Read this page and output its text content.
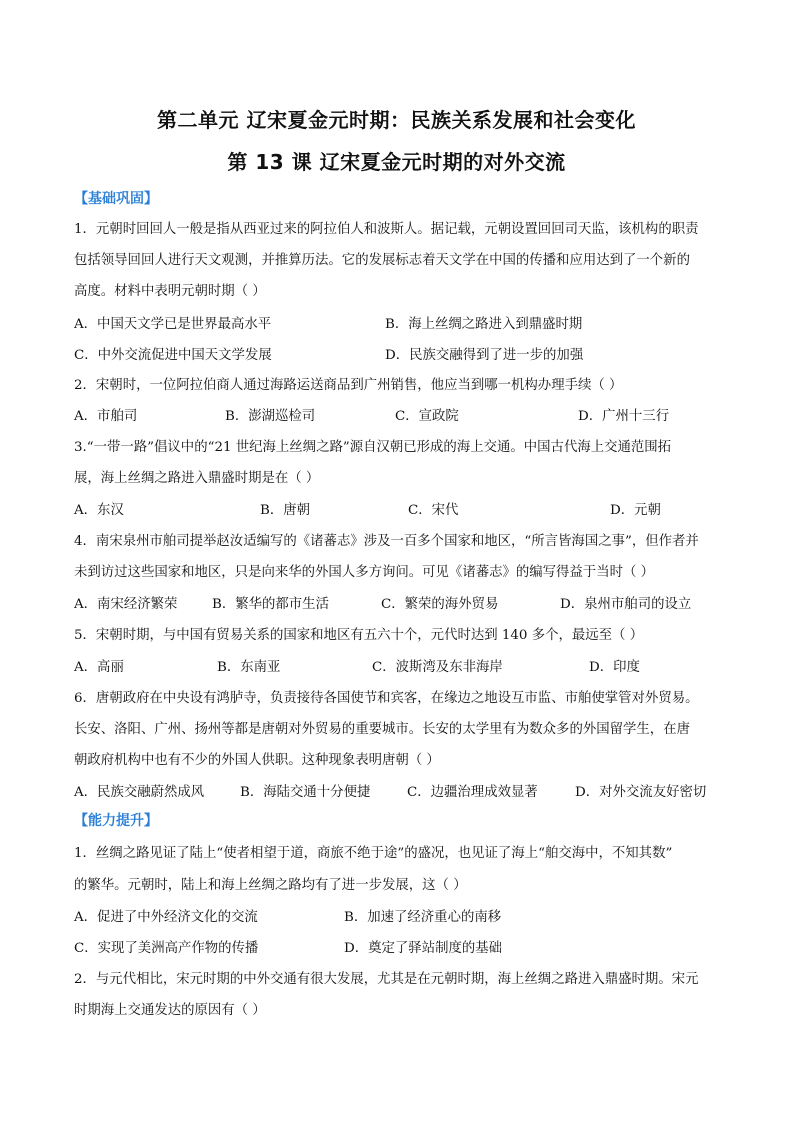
第二单元 辽宋夏金元时期：民族关系发展和社会变化
第 13 课 辽宋夏金元时期的对外交流
【基础巩固】
1．元朝时回回人一般是指从西亚过来的阿拉伯人和波斯人。据记载，元朝设置回回司天监，该机构的职责
包括领导回回人进行天文观测，并推算历法。它的发展标志着天文学在中国的传播和应用达到了一个新的
高度。材料中表明元朝时期（ ）
A．中国天文学已是世界最高水平	B．海上丝绸之路进入到鼎盛时期
C．中外交流促进中国天文学发展	D．民族交融得到了进一步的加强
2．宋朝时，一位阿拉伯商人通过海路运送商品到广州销售，他应当到哪一机构办理手续（ ）
A．市舶司	B．澎湖巡检司	C．宣政院	D．广州十三行
3.“一带一路”倡议中的“21 世纪海上丝绸之路”源自汉朝已形成的海上交通。中国古代海上交通范围拓
展，海上丝绸之路进入鼎盛时期是在（ ）
A．东汉	B．唐朝	C．宋代	D．元朝
4．南宋泉州市舶司提举赵汝适编写的《诸蕃志》涉及一百多个国家和地区，“所言皆海国之事”，但作者并
未到访过这些国家和地区，只是向来华的外国人多方询问。可见《诸蕃志》的编写得益于当时（ ）
A．南宋经济繁荣	B．繁华的都市生活	C．繁荣的海外贸易	D．泉州市舶司的设立
5．宋朝时期，与中国有贸易关系的国家和地区有五六十个，元代时达到 140 多个，最远至（ ）
A．高丽	B．东南亚	C．波斯湾及东非海岸	D．印度
6．唐朝政府在中央设有鸿胪寺，负责接待各国使节和宾客，在缘边之地设互市监、市舶使掌管对外贸易。
长安、洛阳、广州、扬州等都是唐朝对外贸易的重要城市。长安的太学里有为数众多的外国留学生，在唐
朝政府机构中也有不少的外国人供职。这种现象表明唐朝（ ）
A．民族交融蔚然成风	B．海陆交通十分便捷	C．边疆治理成效显著	D．对外交流友好密切
【能力提升】
1．丝绸之路见证了陆上“使者相望于道，商旅不绝于途”的盛况，也见证了海上“舶交海中，不知其数”
的繁华。元朝时，陆上和海上丝绸之路均有了进一步发展，这（ ）
A．促进了中外经济文化的交流	B．加速了经济重心的南移
C．实现了美洲高产作物的传播	D．奠定了驿站制度的基础
2．与元代相比，宋元时期的中外交通有很大发展，尤其是在元朝时期，海上丝绸之路进入鼎盛时期。宋元
时期海上交通发达的原因有（ ）
